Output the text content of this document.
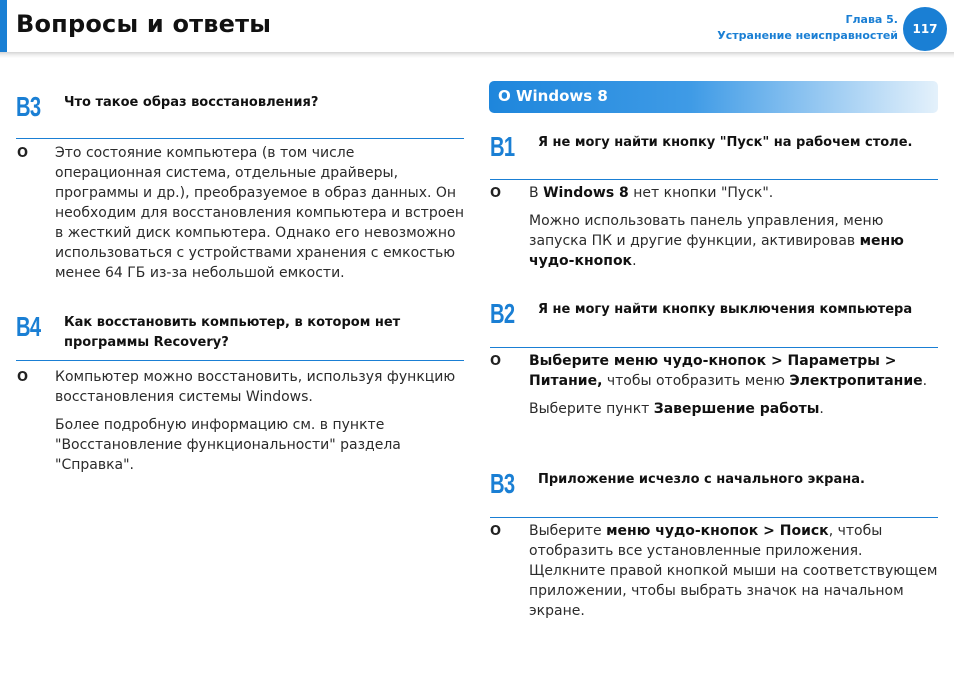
Вопросы и ответы	Глава 5.
Устранение неисправностей	117
B3 Что такое образ восстановления?
О Это состояние компьютера (в том числе операционная система, отдельные драйверы, программы и др.), преобразуемое в образ данных. Он необходим для восстановления компьютера и встроен в жесткий диск компьютера. Однако его невозможно использоваться с устройствами хранения с емкостью менее 64 ГБ из-за небольшой емкости.

B4 Как восстановить компьютер, в котором нет программы Recovery?
О Компьютер можно восстановить, используя функцию восстановления системы Windows.

Более подробную информацию см. в пункте "Восстановление функциональности" раздела "Справка".

О Windows 8
B1 Я не могу найти кнопку "Пуск" на рабочем столе.
О В Windows 8 нет кнопки "Пуск".

Можно использовать панель управления, меню запуска ПК и другие функции, активировав меню чудо-кнопок.

B2 Я не могу найти кнопку выключения компьютера
О Выберите меню чудо-кнопок > Параметры > Питание, чтобы отобразить меню Электропитание.

Выберите пункт Завершение работы.

B3 Приложение исчезло с начального экрана.
О Выберите меню чудо-кнопок > Поиск, чтобы отобразить все установленные приложения. Щелкните правой кнопкой мыши на соответствующем приложении, чтобы выбрать значок на начальном экране.
